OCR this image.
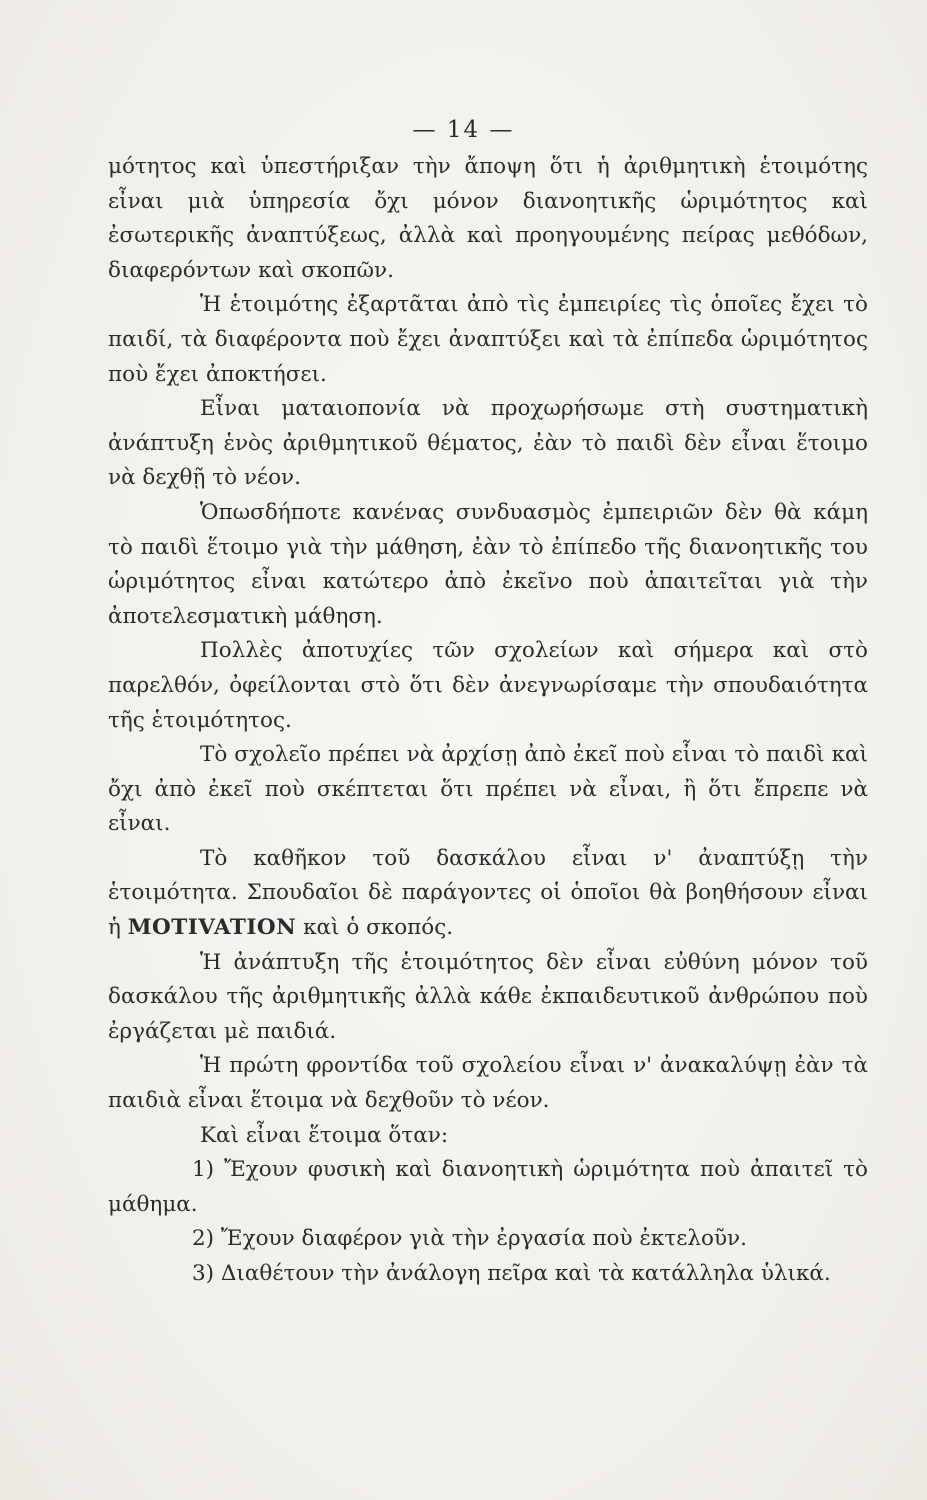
— 14 —

μότητος καὶ ὑπεστήριξαν τὴν ἄποψη ὅτι ἡ ἀριθμητικὴ ἑτοιμότης εἶναι μιὰ ὑπηρεσία ὄχι μόνον διανοητικῆς ὡριμότητος καὶ ἐσωτερικῆς ἀναπτύξεως, ἀλλὰ καὶ προηγουμένης πείρας μεθόδων, διαφερόντων καὶ σκοπῶν.

Ἡ ἑτοιμότης ἐξαρτᾶται ἀπὸ τὶς ἐμπειρίες τὶς ὁποῖες ἔχει τὸ παιδί, τὰ διαφέροντα ποὺ ἔχει ἀναπτύξει καὶ τὰ ἐπίπεδα ὡριμότητος ποὺ ἔχει ἀποκτήσει.

Εἶναι ματαιοπονία νὰ προχωρήσωμε στὴ συστηματικὴ ἀνάπτυξη ἑνὸς ἀριθμητικοῦ θέματος, ἐὰν τὸ παιδὶ δὲν εἶναι ἕτοιμο νὰ δεχθῇ τὸ νέον.

Ὁπωσδήποτε κανένας συνδυασμὸς ἐμπειριῶν δὲν θὰ κάμη τὸ παιδὶ ἕτοιμο γιὰ τὴν μάθηση, ἐὰν τὸ ἐπίπεδο τῆς διανοητικῆς του ὡριμότητος εἶναι κατώτερο ἀπὸ ἐκεῖνο ποὺ ἀπαιτεῖται γιὰ τὴν ἀποτελεσματικὴ μάθηση.

Πολλὲς ἀποτυχίες τῶν σχολείων καὶ σήμερα καὶ στὸ παρελθόν, ὀφείλονται στὸ ὅτι δὲν ἀνεγνωρίσαμε τὴν σπουδαιότητα τῆς ἑτοιμότητος.

Τὸ σχολεῖο πρέπει νὰ ἀρχίσῃ ἀπὸ ἐκεῖ ποὺ εἶναι τὸ παιδὶ καὶ ὄχι ἀπὸ ἐκεῖ ποὺ σκέπτεται ὅτι πρέπει νὰ εἶναι, ἢ ὅτι ἔπρεπε νὰ εἶναι.

Τὸ καθῆκον τοῦ δασκάλου εἶναι ν' ἀναπτύξῃ τὴν ἑτοιμότητα. Σπουδαῖοι δὲ παράγοντες οἱ ὁποῖοι θὰ βοηθήσουν εἶναι ἡ MOTIVATION καὶ ὁ σκοπός.

Ἡ ἀνάπτυξη τῆς ἑτοιμότητος δὲν εἶναι εὐθύνη μόνον τοῦ δασκάλου τῆς ἀριθμητικῆς ἀλλὰ κάθε ἐκπαιδευτικοῦ ἀνθρώπου ποὺ ἐργάζεται μὲ παιδιά.

Ἡ πρώτη φροντίδα τοῦ σχολείου εἶναι ν' ἀνακαλύψῃ ἐὰν τὰ παιδιὰ εἶναι ἕτοιμα νὰ δεχθοῦν τὸ νέον.

Καὶ εἶναι ἕτοιμα ὅταν:

1) Ἔχουν φυσικὴ καὶ διανοητικὴ ὡριμότητα ποὺ ἀπαιτεῖ τὸ μάθημα.

2) Ἔχουν διαφέρον γιὰ τὴν ἐργασία ποὺ ἐκτελοῦν.

3) Διαθέτουν τὴν ἀνάλογη πεῖρα καὶ τὰ κατάλληλα ὑλικά.
